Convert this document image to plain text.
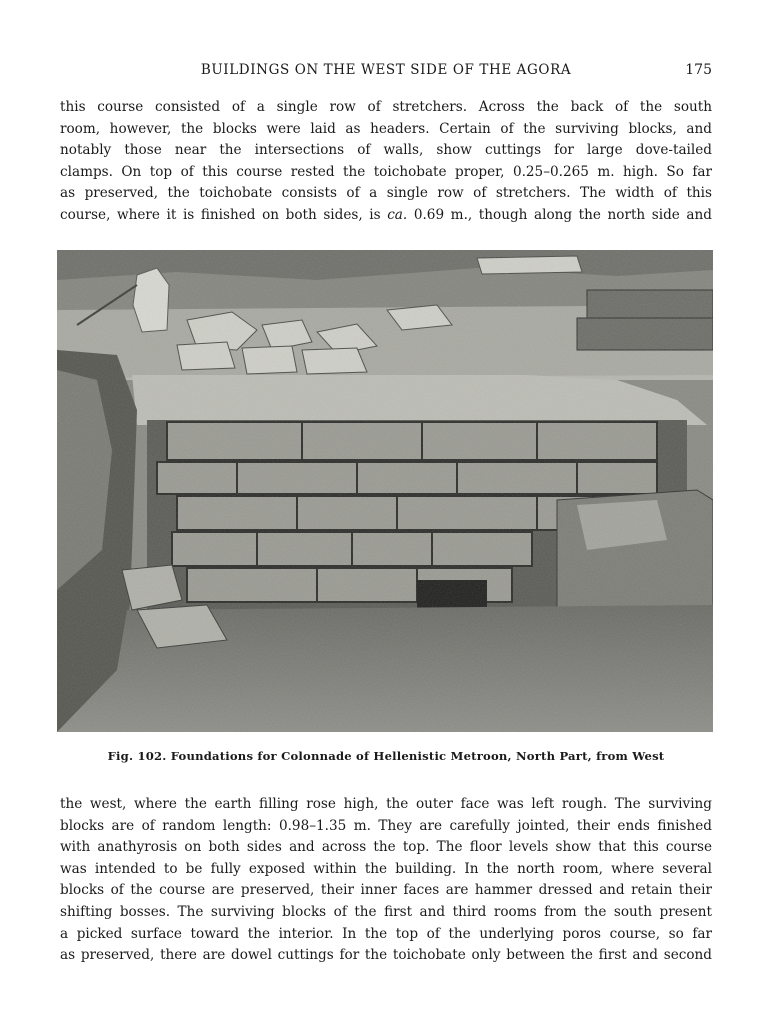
BUILDINGS ON THE WEST SIDE OF THE AGORA	175
this course consisted of a single row of stretchers. Across the back of the south
room, however, the blocks were laid as headers. Certain of the surviving blocks, and
notably those near the intersections of walls, show cuttings for large dove-tailed
clamps. On top of this course rested the toichobate proper, 0.25–0.265 m. high. So far
as preserved, the toichobate consists of a single row of stretchers. The width of this
course, where it is finished on both sides, is ca. 0.69 m., though along the north side and
Fig. 102. Foundations for Colonnade of Hellenistic Metroon, North Part, from West
the west, where the earth filling rose high, the outer face was left rough. The surviving
blocks are of random length: 0.98–1.35 m. They are carefully jointed, their ends finished
with anathyrosis on both sides and across the top. The floor levels show that this course
was intended to be fully exposed within the building. In the north room, where several
blocks of the course are preserved, their inner faces are hammer dressed and retain their
shifting bosses. The surviving blocks of the first and third rooms from the south present
a picked surface toward the interior. In the top of the underlying poros course, so far
as preserved, there are dowel cuttings for the toichobate only between the first and second
